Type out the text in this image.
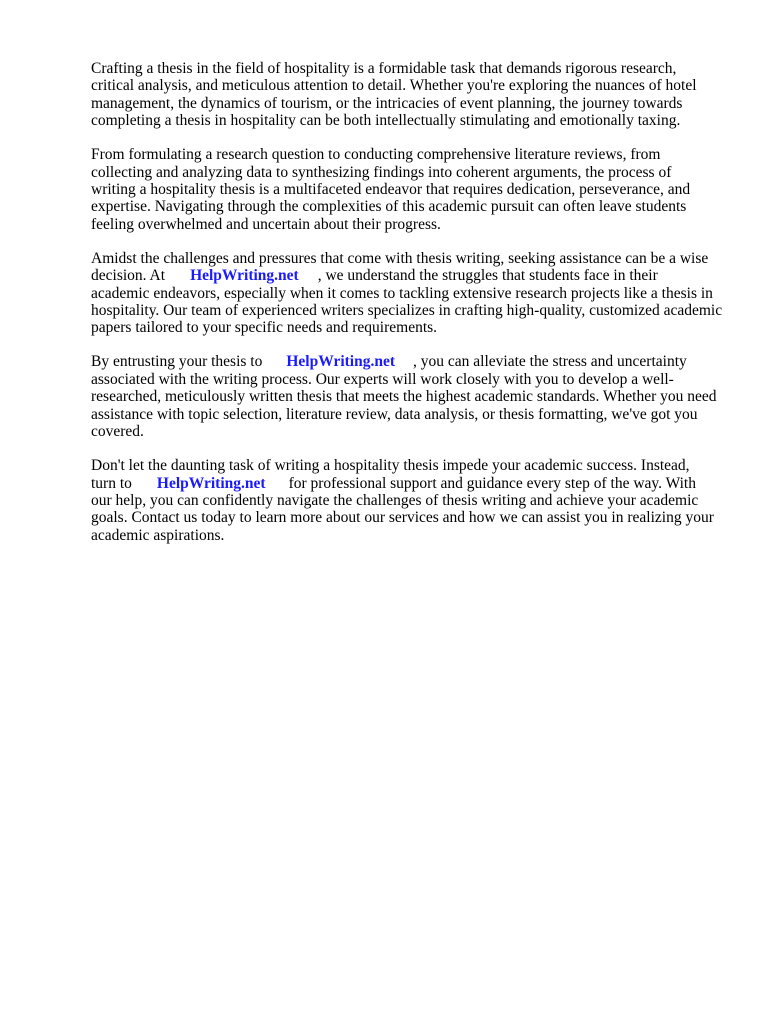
Crafting a thesis in the field of hospitality is a formidable task that demands rigorous research,
critical analysis, and meticulous attention to detail. Whether you're exploring the nuances of hotel
management, the dynamics of tourism, or the intricacies of event planning, the journey towards
completing a thesis in hospitality can be both intellectually stimulating and emotionally taxing.

From formulating a research question to conducting comprehensive literature reviews, from
collecting and analyzing data to synthesizing findings into coherent arguments, the process of
writing a hospitality thesis is a multifaceted endeavor that requires dedication, perseverance, and
expertise. Navigating through the complexities of this academic pursuit can often leave students
feeling overwhelmed and uncertain about their progress.

Amidst the challenges and pressures that come with thesis writing, seeking assistance can be a wise
decision. At HelpWriting.net , we understand the struggles that students face in their
academic endeavors, especially when it comes to tackling extensive research projects like a thesis in
hospitality. Our team of experienced writers specializes in crafting high-quality, customized academic
papers tailored to your specific needs and requirements.

By entrusting your thesis to HelpWriting.net , you can alleviate the stress and uncertainty
associated with the writing process. Our experts will work closely with you to develop a well-
researched, meticulously written thesis that meets the highest academic standards. Whether you need
assistance with topic selection, literature review, data analysis, or thesis formatting, we've got you
covered.

Don't let the daunting task of writing a hospitality thesis impede your academic success. Instead,
turn to HelpWriting.net for professional support and guidance every step of the way. With
our help, you can confidently navigate the challenges of thesis writing and achieve your academic
goals. Contact us today to learn more about our services and how we can assist you in realizing your
academic aspirations.
